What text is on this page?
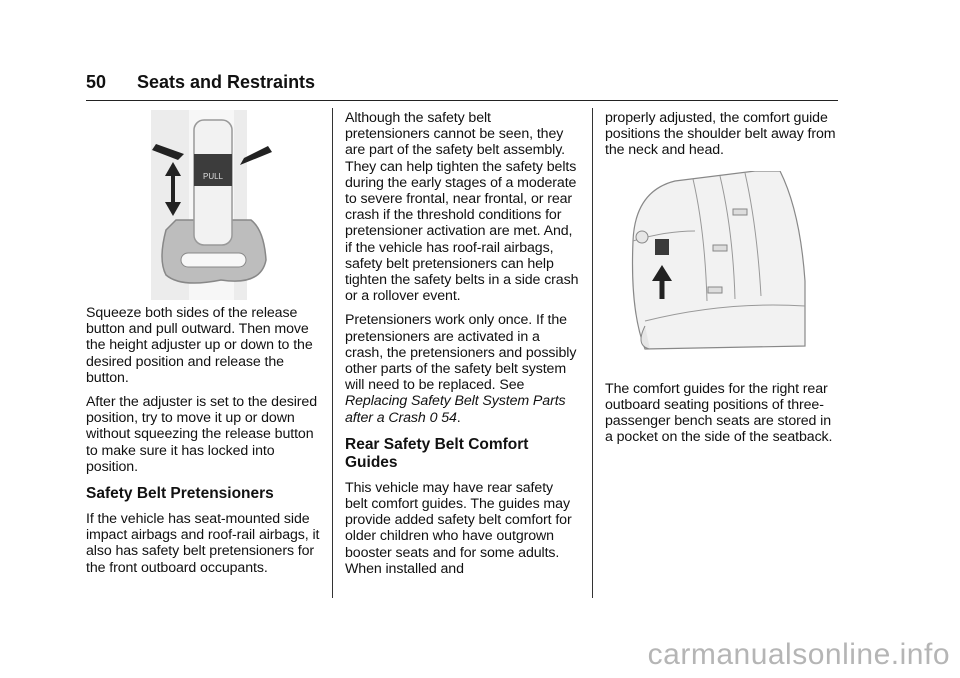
50 Seats and Restraints
PULL

Squeeze both sides of the release button and pull outward. Then move the height adjuster up or down to the desired position and release the button.

After the adjuster is set to the desired position, try to move it up or down without squeezing the release button to make sure it has locked into position.

Safety Belt Pretensioners

If the vehicle has seat-mounted side impact airbags and roof-rail airbags, it also has safety belt pretensioners for the front outboard occupants.

Although the safety belt pretensioners cannot be seen, they are part of the safety belt assembly. They can help tighten the safety belts during the early stages of a moderate to severe frontal, near frontal, or rear crash if the threshold conditions for pretensioner activation are met. And, if the vehicle has roof-rail airbags, safety belt pretensioners can help tighten the safety belts in a side crash or a rollover event.

Pretensioners work only once. If the pretensioners are activated in a crash, the pretensioners and possibly other parts of the safety belt system will need to be replaced. See Replacing Safety Belt System Parts after a Crash 0 54.

Rear Safety Belt Comfort Guides

This vehicle may have rear safety belt comfort guides. The guides may provide added safety belt comfort for older children who have outgrown booster seats and for some adults. When installed and

properly adjusted, the comfort guide positions the shoulder belt away from the neck and head.

The comfort guides for the right rear outboard seating positions of three-passenger bench seats are stored in a pocket on the side of the seatback.

carmanualsonline.info
